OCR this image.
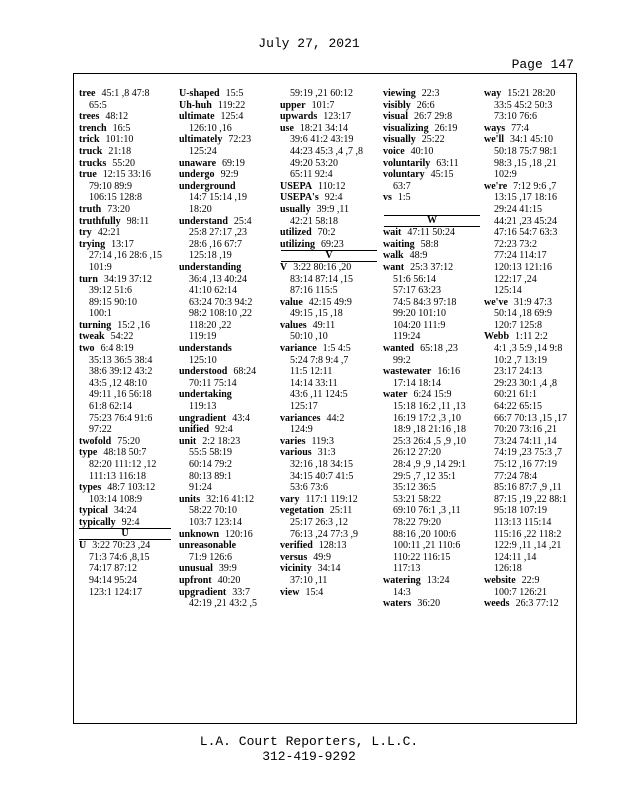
July 27, 2021
Page 147
tree 45:1 ,8 47:8
65:5
trees 48:12
trench 16:5
trick 101:10
truck 21:18
trucks 55:20
true 12:15 33:16
79:10 89:9
106:15 128:8
truth 73:20
truthfully 98:11
try 42:21
trying 13:17
27:14 ,16 28:6 ,15
101:9
turn 34:19 37:12
39:12 51:6
89:15 90:10
100:1
turning 15:2 ,16
tweak 54:22
two 6:4 8:19
35:13 36:5 38:4
38:6 39:12 43:2
43:5 ,12 48:10
49:11 ,16 56:18
61:8 62:14
75:23 76:4 91:6
97:22
twofold 75:20
type 48:18 50:7
82:20 111:12 ,12
111:13 116:18
types 48:7 103:12
103:14 108:9
typical 34:24
typically 92:4
U
U 3:22 70:23 ,24
71:3 74:6 ,8,15
74:17 87:12
94:14 95:24
123:1 124:17
U-shaped 15:5
Uh-huh 119:22
ultimate 125:4
126:10 ,16
ultimately 72:23
125:24
unaware 69:19
undergo 92:9
underground
14:7 15:14 ,19
18:20
understand 25:4
25:8 27:17 ,23
28:6 ,16 67:7
125:18 ,19
understanding
36:4 ,13 40:24
41:10 62:14
63:24 70:3 94:2
98:2 108:10 ,22
118:20 ,22
119:19
understands
125:10
understood 68:24
70:11 75:14
undertaking
119:13
ungradient 43:4
unified 92:4
unit 2:2 18:23
55:5 58:19
60:14 79:2
80:13 89:1
91:24
units 32:16 41:12
58:22 70:10
103:7 123:14
unknown 120:16
unreasonable
71:9 126:6
unusual 39:9
upfront 40:20
upgradient 33:7
42:19 ,21 43:2 ,5
59:19 ,21 60:12
upper 101:7
upwards 123:17
use 18:21 34:14
39:6 41:2 43:19
44:23 45:3 ,4 ,7 ,8
49:20 53:20
65:11 92:4
USEPA 110:12
USEPA's 92:4
usually 39:9 ,11
42:21 58:18
utilized 70:2
utilizing 69:23
V
V 3:22 80:16 ,20
83:14 87:14 ,15
87:16 115:5
value 42:15 49:9
49:15 ,15 ,18
values 49:11
50:10 ,10
variance 1:5 4:5
5:24 7:8 9:4 ,7
11:5 12:11
14:14 33:11
43:6 ,11 124:5
125:17
variances 44:2
124:9
varies 119:3
various 31:3
32:16 ,18 34:15
34:15 40:7 41:5
53:6 73:6
vary 117:1 119:12
vegetation 25:11
25:17 26:3 ,12
76:13 ,24 77:3 ,9
verified 128:13
versus 49:9
vicinity 34:14
37:10 ,11
view 15:4
viewing 22:3
visibly 26:6
visual 26:7 29:8
visualizing 26:19
visually 25:22
voice 40:10
voluntarily 63:11
voluntary 45:15
63:7
vs 1:5
W
wait 47:11 50:24
waiting 58:8
walk 48:9
want 25:3 37:12
51:6 56:14
57:17 63:23
74:5 84:3 97:18
99:20 101:10
104:20 111:9
119:24
wanted 65:18 ,23
99:2
wastewater 16:16
17:14 18:14
water 6:24 15:9
15:18 16:2 ,11 ,13
16:19 17:2 ,3 ,10
18:9 ,18 21:16 ,18
25:3 26:4 ,5 ,9 ,10
26:12 27:20
28:4 ,9 ,9 ,14 29:1
29:5 ,7 ,12 35:1
35:12 36:5
53:21 58:22
69:10 76:1 ,3 ,11
78:22 79:20
88:16 ,20 100:6
100:11 ,21 110:6
110:22 116:15
117:13
watering 13:24
14:3
waters 36:20
way 15:21 28:20
33:5 45:2 50:3
73:10 76:6
ways 77:4
we'll 34:1 45:10
50:18 75:7 98:1
98:3 ,15 ,18 ,21
102:9
we're 7:12 9:6 ,7
13:15 ,17 18:16
29:24 41:15
44:21 ,23 45:24
47:16 54:7 63:3
72:23 73:2
77:24 114:17
120:13 121:16
122:17 ,24
125:14
we've 31:9 47:3
50:14 ,18 69:9
120:7 125:8
Webb 1:11 2:2
4:1 ,3 5:9 ,14 9:8
10:2 ,7 13:19
23:17 24:13
29:23 30:1 ,4 ,8
60:21 61:1
64:22 65:15
66:7 70:13 ,15 ,17
70:20 73:16 ,21
73:24 74:11 ,14
74:19 ,23 75:3 ,7
75:12 ,16 77:19
77:24 78:4
85:16 87:7 ,9 ,11
87:15 ,19 ,22 88:1
95:18 107:19
113:13 115:14
115:16 ,22 118:2
122:9 ,11 ,14 ,21
124:11 ,14
126:18
website 22:9
100:7 126:21
weeds 26:3 77:12
L.A. Court Reporters, L.L.C.
312-419-9292
